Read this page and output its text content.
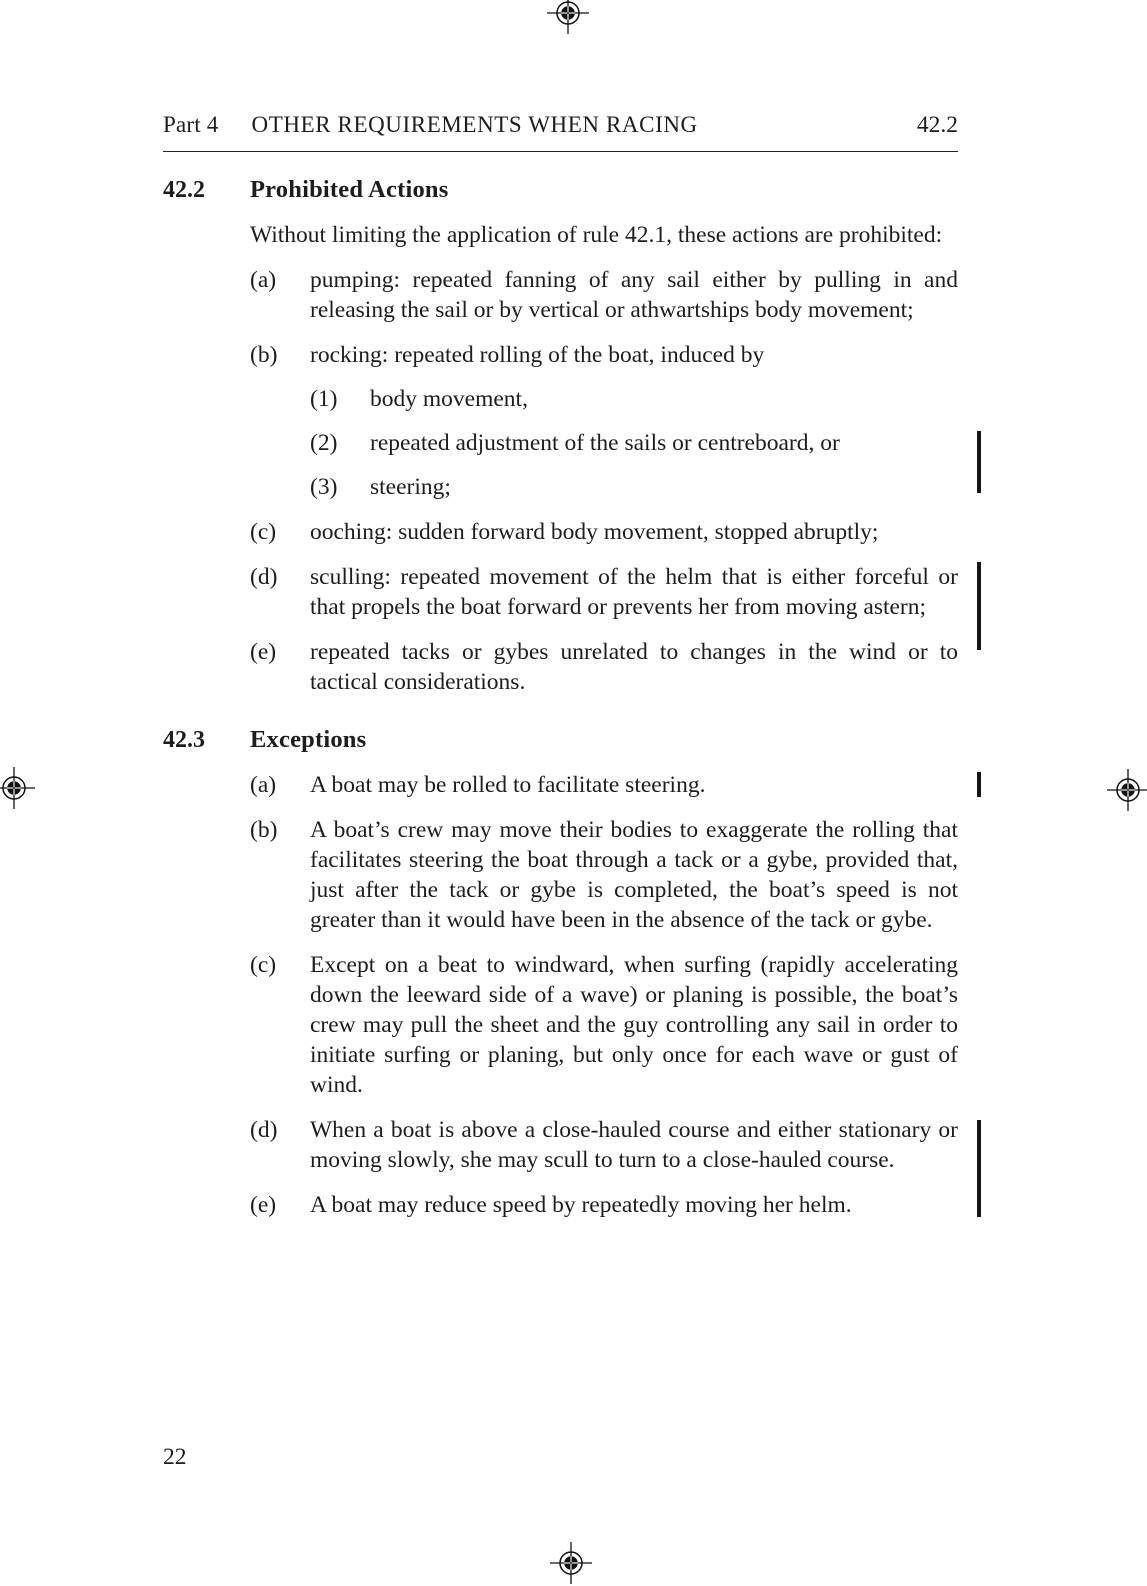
Part 4 OTHER REQUIREMENTS WHEN RACING	42.2
42.2	Prohibited Actions

Without limiting the application of rule 42.1, these actions are prohibited:

(a)	pumping: repeated fanning of any sail either by pulling in and releasing the sail or by vertical or athwartships body movement;
(b)	rocking: repeated rolling of the boat, induced by
(1)	body movement,
(2)	repeated adjustment of the sails or centreboard, or
(3)	steering;
(c)	ooching: sudden forward body movement, stopped abruptly;
(d)	sculling: repeated movement of the helm that is either forceful or that propels the boat forward or prevents her from moving astern;
(e)	repeated tacks or gybes unrelated to changes in the wind or to tactical considerations.
42.3	Exceptions
(a)	A boat may be rolled to facilitate steering.
(b)	A boat’s crew may move their bodies to exaggerate the rolling that facilitates steering the boat through a tack or a gybe, provided that, just after the tack or gybe is completed, the boat’s speed is not greater than it would have been in the absence of the tack or gybe.
(c)	Except on a beat to windward, when surfing (rapidly accelerating down the leeward side of a wave) or planing is possible, the boat’s crew may pull the sheet and the guy controlling any sail in order to initiate surfing or planing, but only once for each wave or gust of wind.
(d)	When a boat is above a close-hauled course and either stationary or moving slowly, she may scull to turn to a close-hauled course.
(e)	A boat may reduce speed by repeatedly moving her helm.
22
